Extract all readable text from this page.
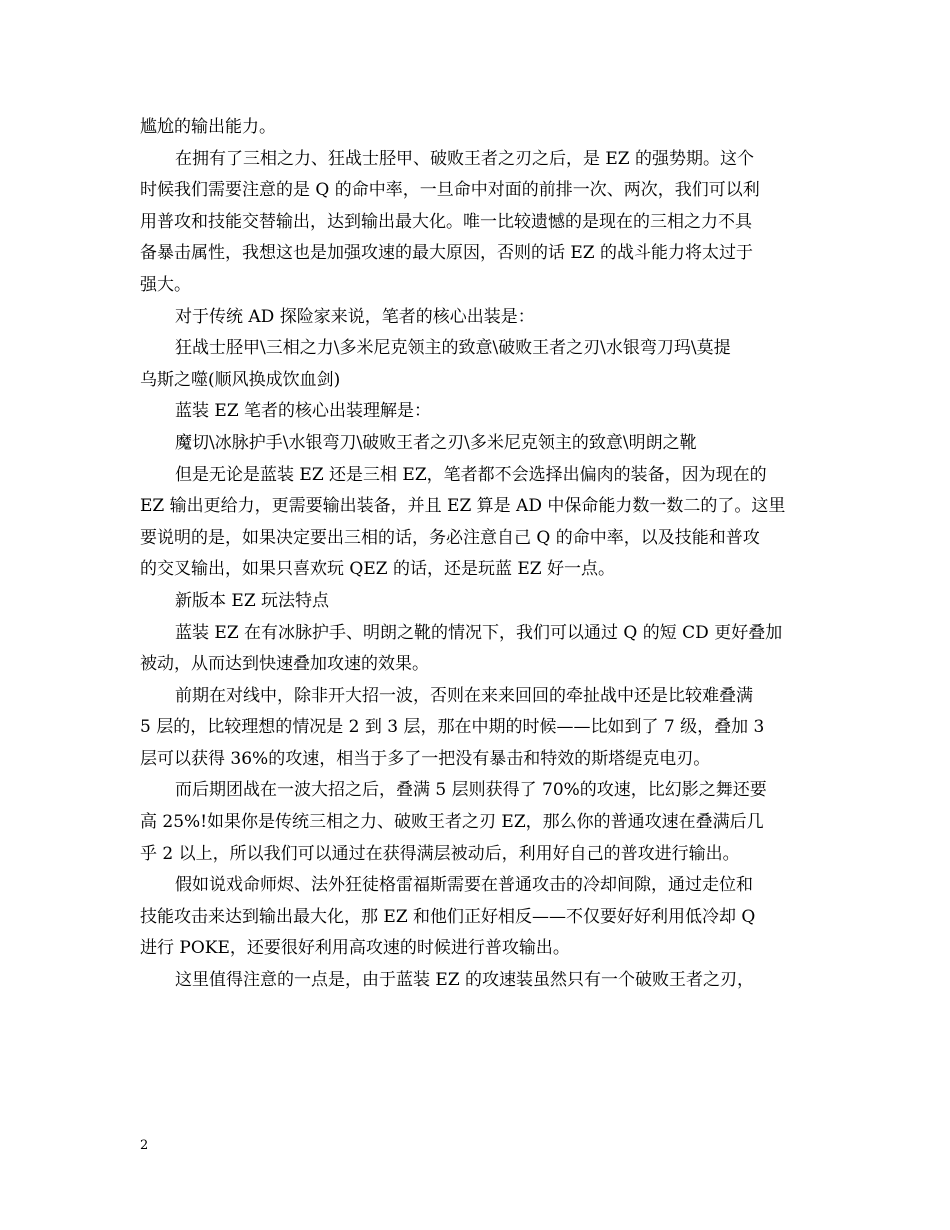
尴尬的输出能力。

在拥有了三相之力、狂战士胫甲、破败王者之刃之后，是 EZ 的强势期。这个

时候我们需要注意的是 Q 的命中率，一旦命中对面的前排一次、两次，我们可以利

用普攻和技能交替输出，达到输出最大化。唯一比较遗憾的是现在的三相之力不具

备暴击属性，我想这也是加强攻速的最大原因，否则的话 EZ 的战斗能力将太过于

强大。

对于传统 AD 探险家来说，笔者的核心出装是：

狂战士胫甲\三相之力\多米尼克领主的致意\破败王者之刃\水银弯刀玛\莫提

乌斯之噬(顺风换成饮血剑)

蓝装 EZ 笔者的核心出装理解是：

魔切\冰脉护手\水银弯刀\破败王者之刃\多米尼克领主的致意\明朗之靴

但是无论是蓝装 EZ 还是三相 EZ，笔者都不会选择出偏肉的装备，因为现在的

EZ 输出更给力，更需要输出装备，并且 EZ 算是 AD 中保命能力数一数二的了。这里

要说明的是，如果决定要出三相的话，务必注意自己 Q 的命中率，以及技能和普攻

的交叉输出，如果只喜欢玩 QEZ 的话，还是玩蓝 EZ 好一点。

新版本 EZ 玩法特点

蓝装 EZ 在有冰脉护手、明朗之靴的情况下，我们可以通过 Q 的短 CD 更好叠加

被动，从而达到快速叠加攻速的效果。

前期在对线中，除非开大招一波，否则在来来回回的牵扯战中还是比较难叠满

5 层的，比较理想的情况是 2 到 3 层，那在中期的时候——比如到了 7 级，叠加 3

层可以获得 36%的攻速，相当于多了一把没有暴击和特效的斯塔缇克电刃。

而后期团战在一波大招之后，叠满 5 层则获得了 70%的攻速，比幻影之舞还要

高 25%!如果你是传统三相之力、破败王者之刃 EZ，那么你的普通攻速在叠满后几

乎 2 以上，所以我们可以通过在获得满层被动后，利用好自己的普攻进行输出。

假如说戏命师烬、法外狂徒格雷福斯需要在普通攻击的冷却间隙，通过走位和

技能攻击来达到输出最大化，那 EZ 和他们正好相反——不仅要好好利用低冷却 Q

进行 POKE，还要很好利用高攻速的时候进行普攻输出。

这里值得注意的一点是，由于蓝装 EZ 的攻速装虽然只有一个破败王者之刃，

2
